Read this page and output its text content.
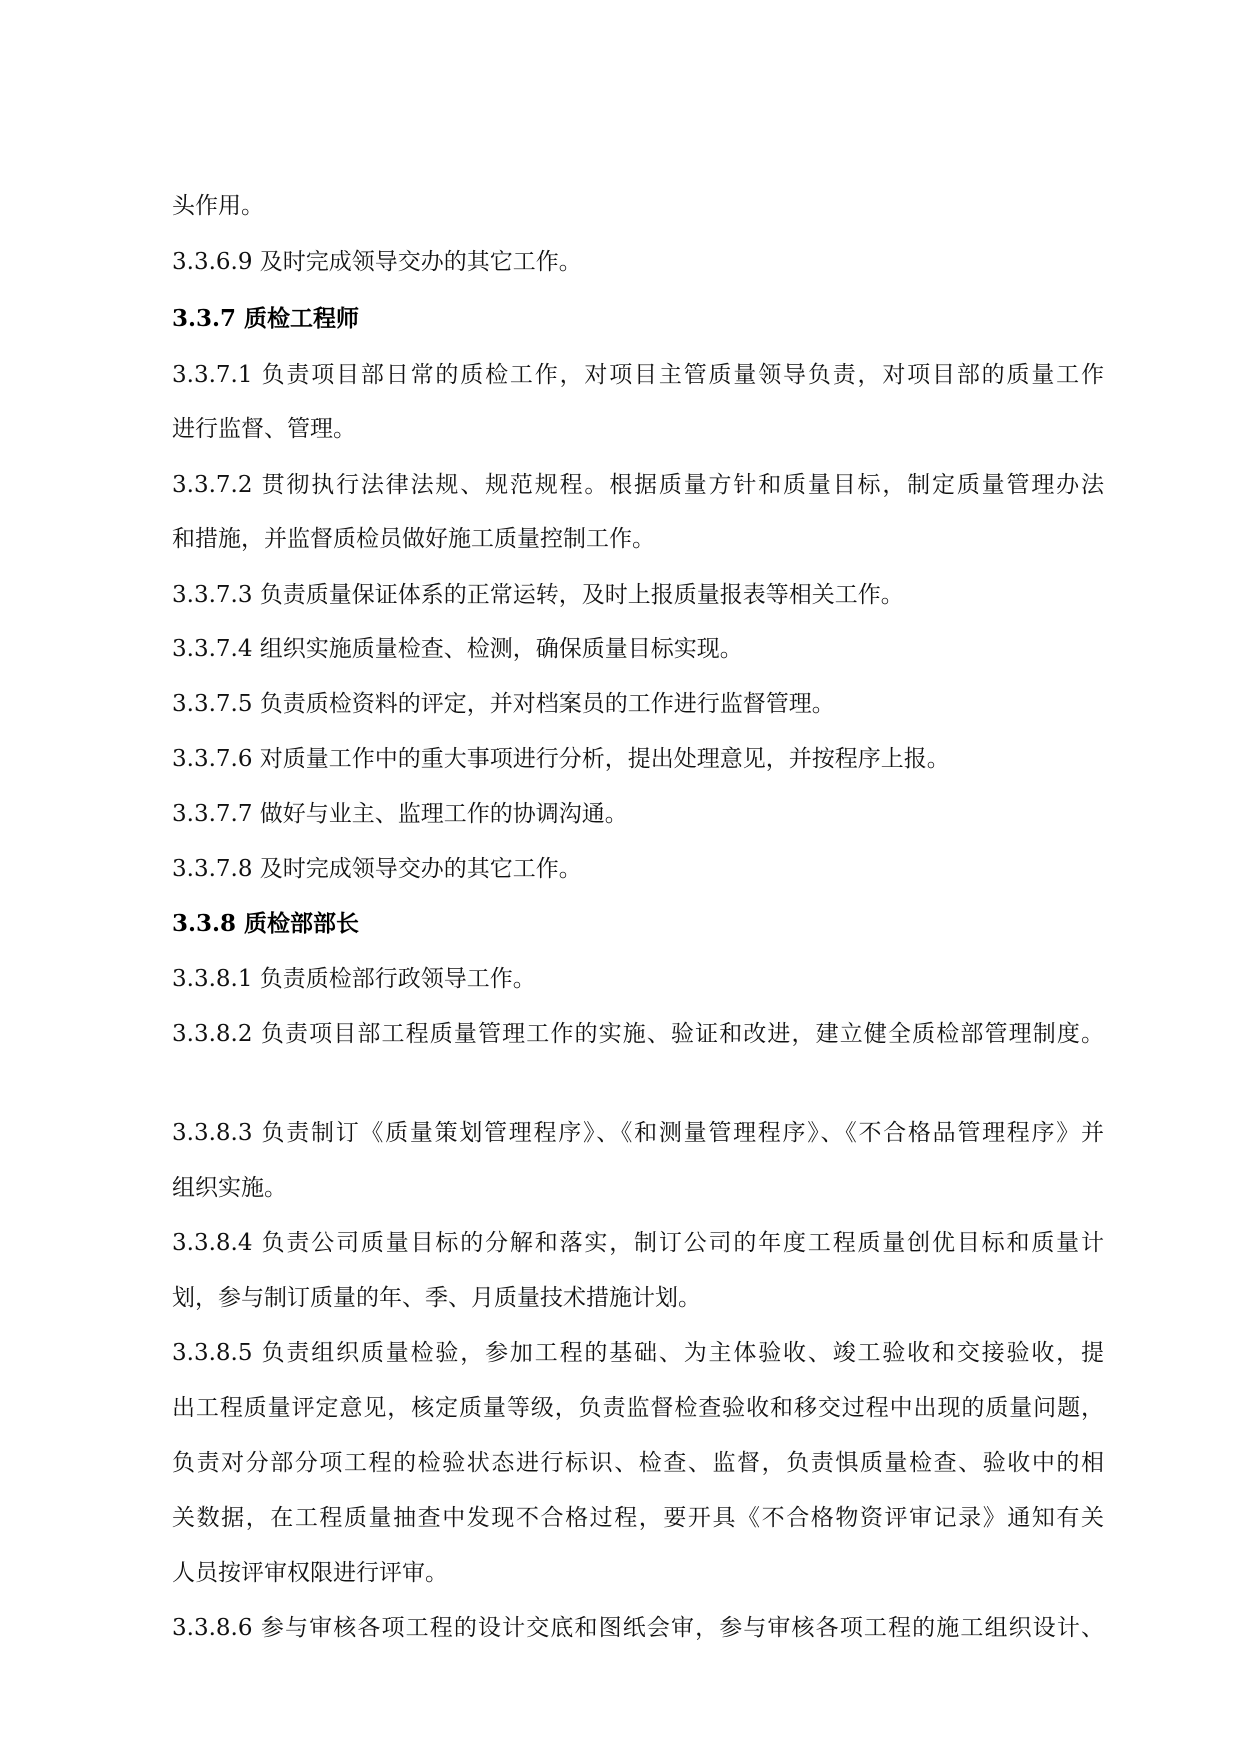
头作用。
3.3.6.9 及时完成领导交办的其它工作。
3.3.7 质检工程师
3.3.7.1 负责项目部日常的质检工作，对项目主管质量领导负责，对项目部的质量工作
进行监督、管理。
3.3.7.2 贯彻执行法律法规、规范规程。根据质量方针和质量目标，制定质量管理办法
和措施，并监督质检员做好施工质量控制工作。
3.3.7.3 负责质量保证体系的正常运转，及时上报质量报表等相关工作。
3.3.7.4 组织实施质量检查、检测，确保质量目标实现。
3.3.7.5 负责质检资料的评定，并对档案员的工作进行监督管理。
3.3.7.6 对质量工作中的重大事项进行分析，提出处理意见，并按程序上报。
3.3.7.7 做好与业主、监理工作的协调沟通。
3.3.7.8 及时完成领导交办的其它工作。
3.3.8 质检部部长
3.3.8.1 负责质检部行政领导工作。
3.3.8.2 负责项目部工程质量管理工作的实施、验证和改进，建立健全质检部管理制度。
3.3.8.3 负责制订《质量策划管理程序》、《和测量管理程序》、《不合格品管理程序》并
组织实施。
3.3.8.4 负责公司质量目标的分解和落实，制订公司的年度工程质量创优目标和质量计
划，参与制订质量的年、季、月质量技术措施计划。
3.3.8.5 负责组织质量检验，参加工程的基础、为主体验收、竣工验收和交接验收，提
出工程质量评定意见，核定质量等级，负责监督检查验收和移交过程中出现的质量问题，
负责对分部分项工程的检验状态进行标识、检查、监督，负责惧质量检查、验收中的相
关数据，在工程质量抽查中发现不合格过程，要开具《不合格物资评审记录》通知有关
人员按评审权限进行评审。
3.3.8.6 参与审核各项工程的设计交底和图纸会审，参与审核各项工程的施工组织设计、
